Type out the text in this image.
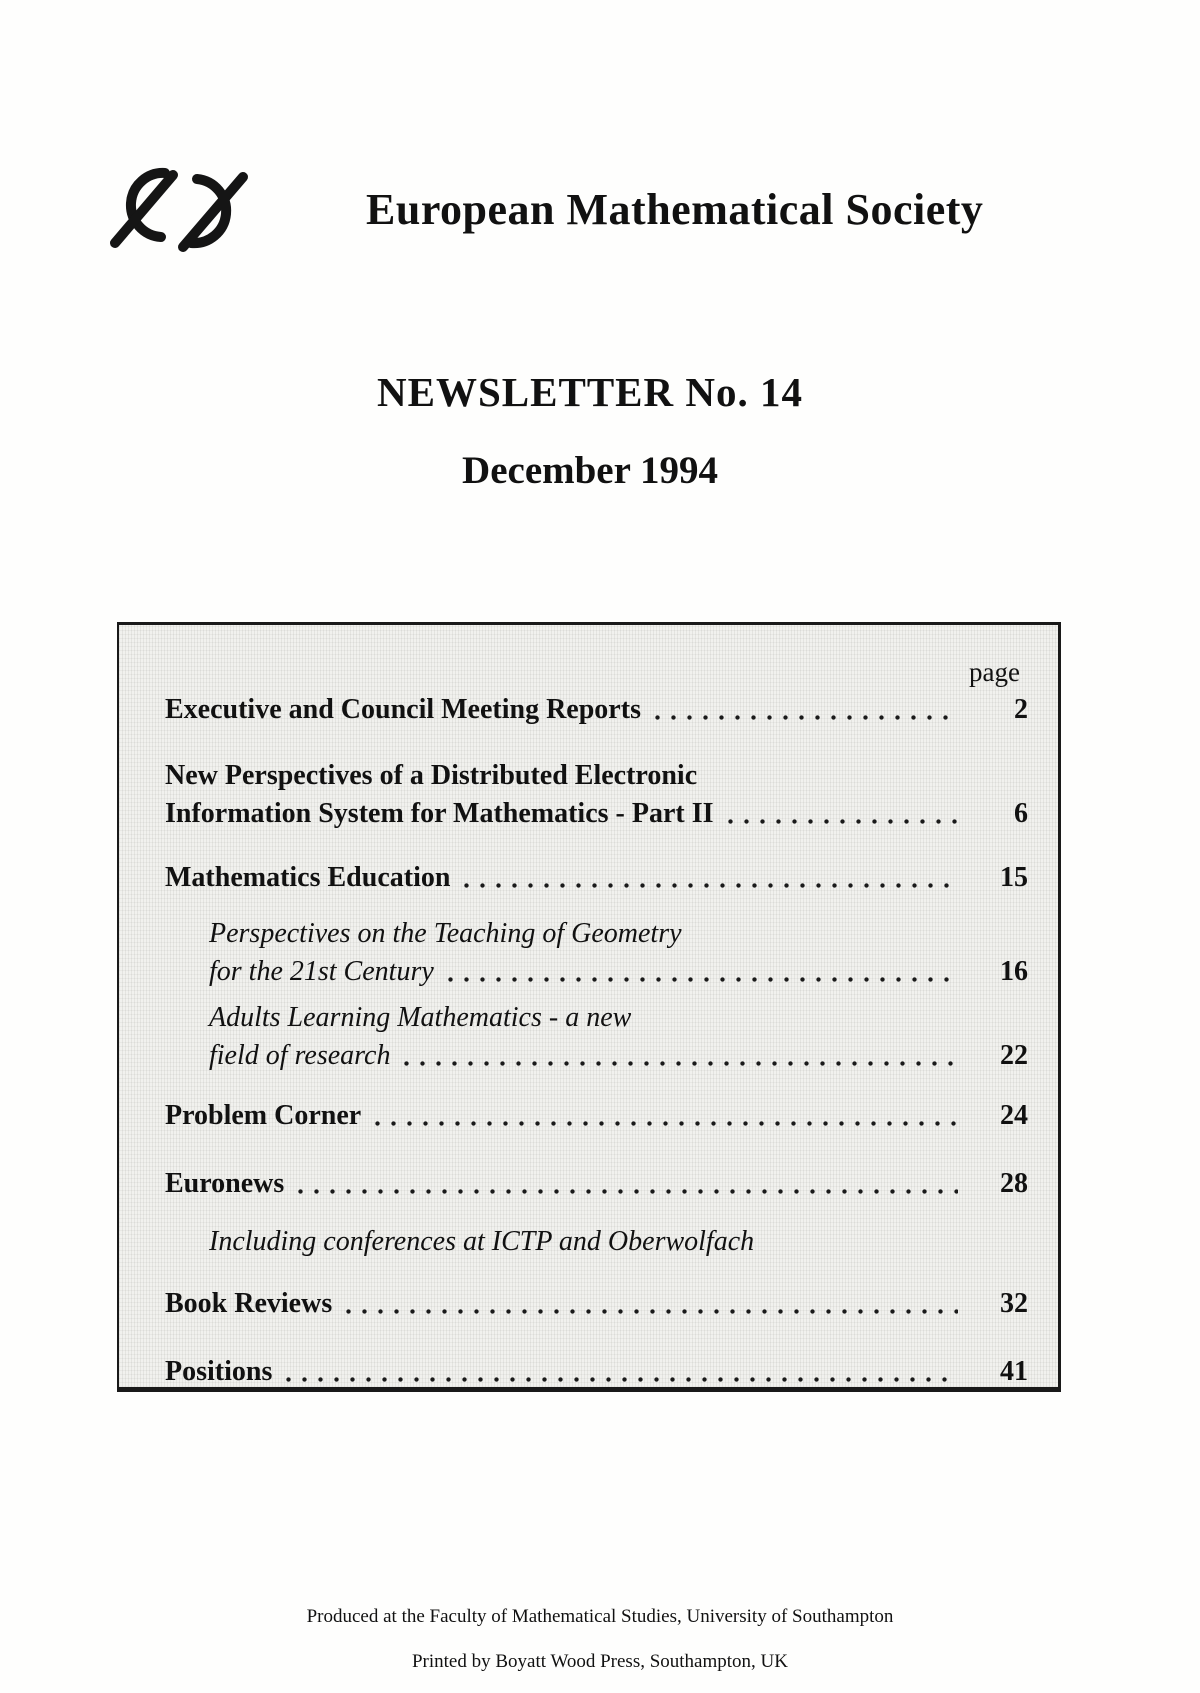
European Mathematical Society
NEWSLETTER No. 14
December 1994
page
Executive and Council Meeting Reports	2
New Perspectives of a Distributed Electronic
Information System for Mathematics - Part II	6
Mathematics Education	15
Perspectives on the Teaching of Geometry
for the 21st Century	16
Adults Learning Mathematics - a new
field of research	22
Problem Corner	24
Euronews	28
Including conferences at ICTP and Oberwolfach
Book Reviews	32
Positions	41
Produced at the Faculty of Mathematical Studies, University of Southampton
Printed by Boyatt Wood Press, Southampton, UK
